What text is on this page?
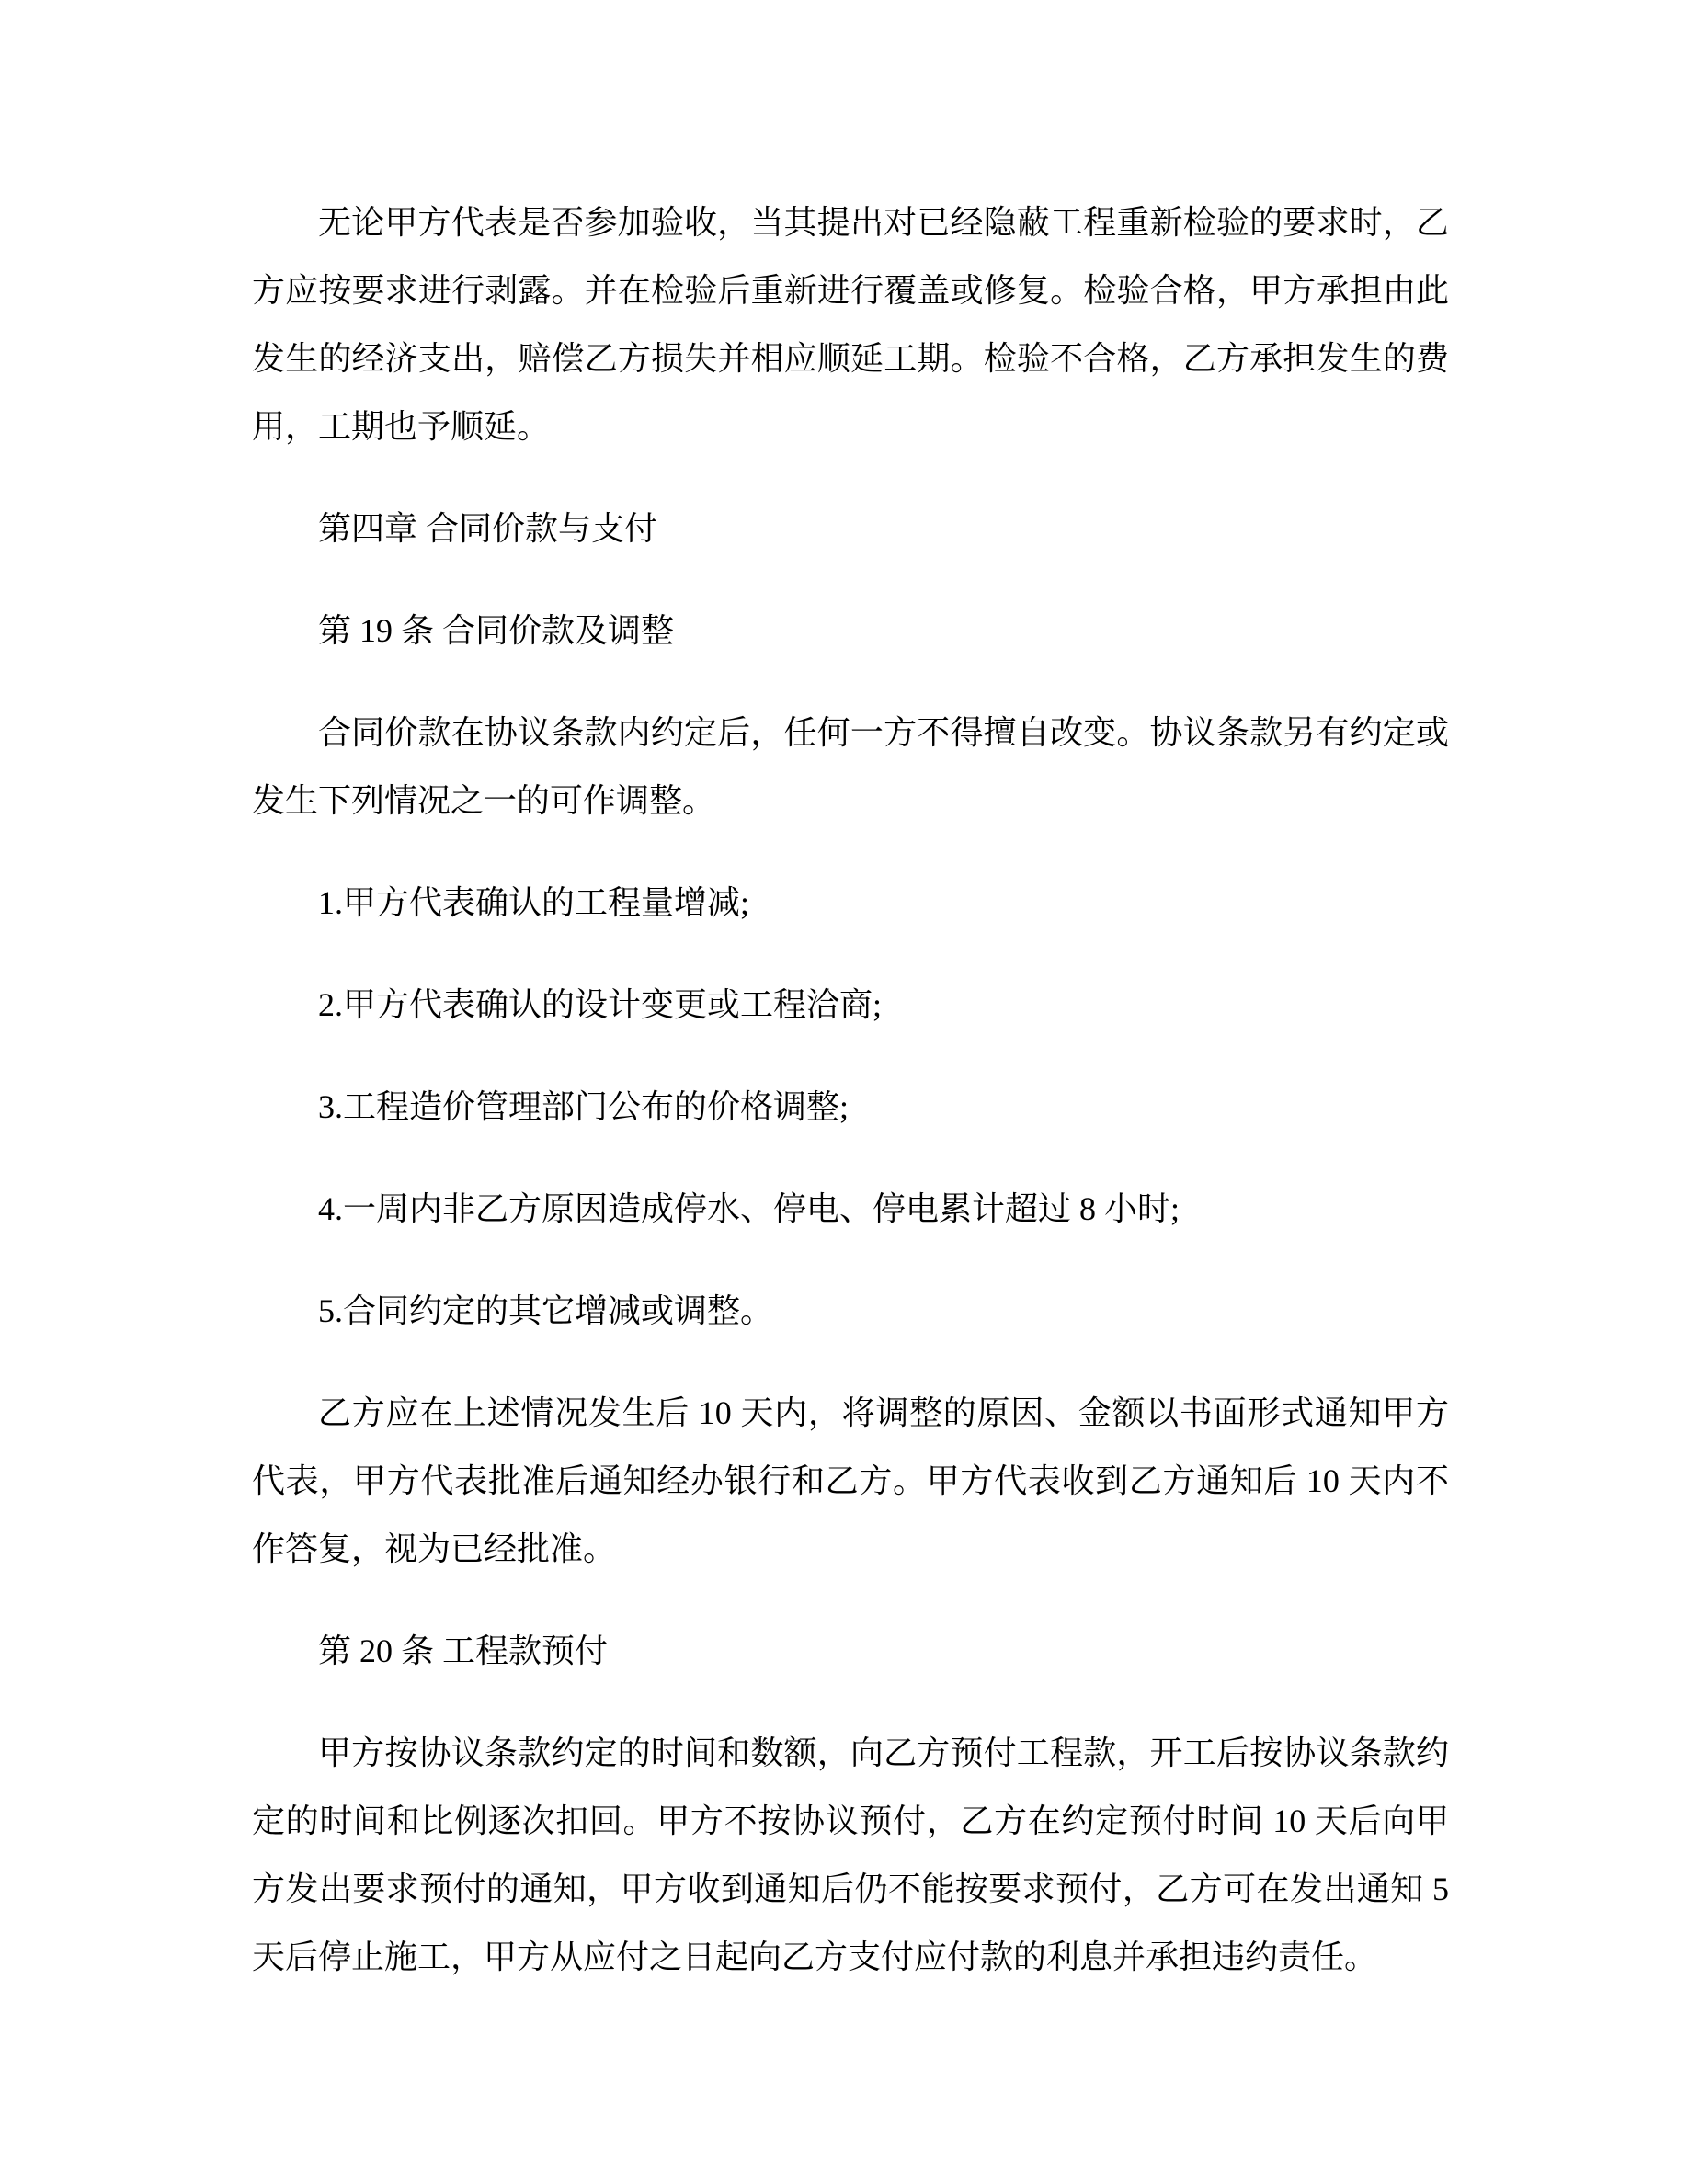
无论甲方代表是否参加验收，当其提出对已经隐蔽工程重新检验的要求时，乙方应按要求进行剥露。并在检验后重新进行覆盖或修复。检验合格，甲方承担由此发生的经济支出，赔偿乙方损失并相应顺延工期。检验不合格，乙方承担发生的费用，工期也予顺延。
第四章 合同价款与支付
第 19 条 合同价款及调整
合同价款在协议条款内约定后，任何一方不得擅自改变。协议条款另有约定或发生下列情况之一的可作调整。
1.甲方代表确认的工程量增减;
2.甲方代表确认的设计变更或工程洽商;
3.工程造价管理部门公布的价格调整;
4.一周内非乙方原因造成停水、停电、停电累计超过 8 小时;
5.合同约定的其它增减或调整。
乙方应在上述情况发生后 10 天内，将调整的原因、金额以书面形式通知甲方代表，甲方代表批准后通知经办银行和乙方。甲方代表收到乙方通知后 10 天内不作答复，视为已经批准。
第 20 条 工程款预付
甲方按协议条款约定的时间和数额，向乙方预付工程款，开工后按协议条款约定的时间和比例逐次扣回。甲方不按协议预付，乙方在约定预付时间 10 天后向甲方发出要求预付的通知，甲方收到通知后仍不能按要求预付，乙方可在发出通知 5 天后停止施工，甲方从应付之日起向乙方支付应付款的利息并承担违约责任。
